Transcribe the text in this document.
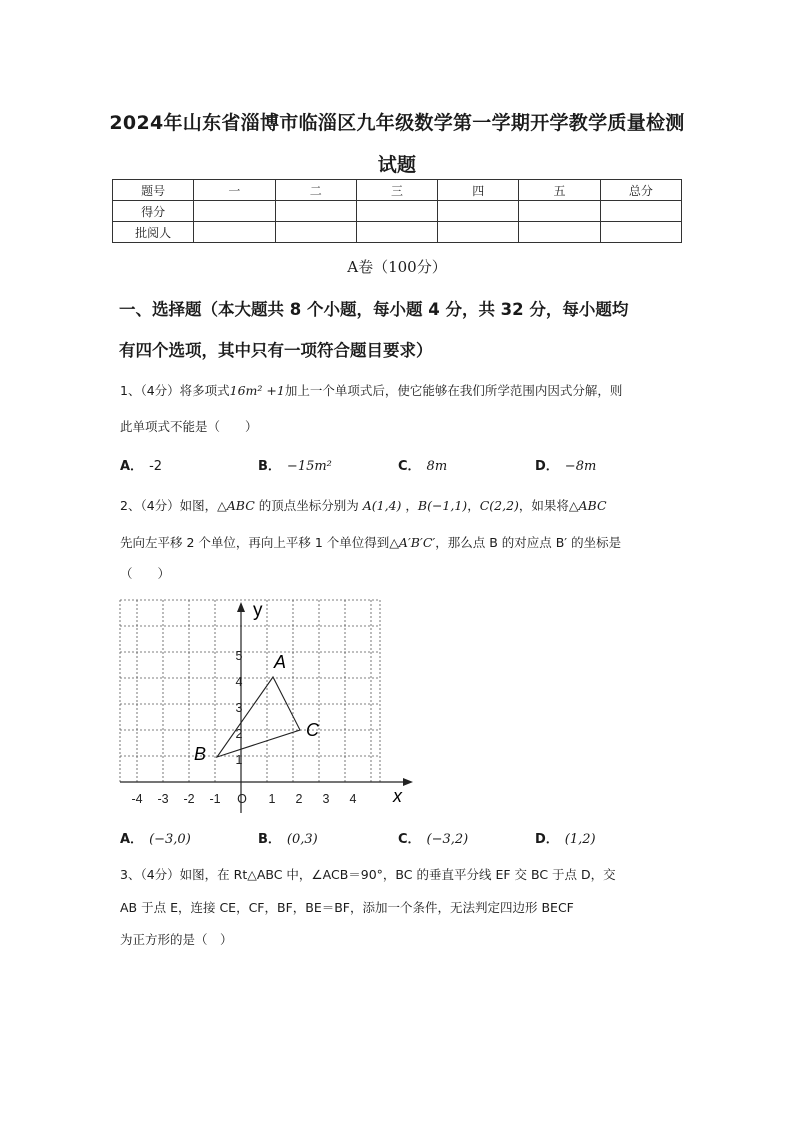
2024年山东省淄博市临淄区九年级数学第一学期开学教学质量检测
试题
题号	一	二	三	四	五	总分
得分						
批阅人						
A卷（100分）
一、选择题（本大题共 8 个小题，每小题 4 分，共 32 分，每小题均
有四个选项，其中只有一项符合题目要求）
1、（4分）将多项式16m² +1加上一个单项式后，使它能够在我们所学范围内因式分解，则
此单项式不能是（　　）
A． -2	B． −15m²	C． 8m	D． −8m
2、（4分）如图，△ABC 的顶点坐标分别为 A(1,4) ，B(−1,1)，C(2,2)，如果将△ABC
先向左平移 2 个单位，再向上平移 1 个单位得到△A′B′C′，那么点 B 的对应点 B′ 的坐标是
（　　）
y
x
-4 -3 -2 -1 O 1 2 3 4
1
2
3
4
5 A
B
C
A． (−3,0)	B． (0,3)	C． (−3,2)	D． (1,2)
3、（4分）如图，在 Rt△ABC 中，∠ACB＝90°，BC 的垂直平分线 EF 交 BC 于点 D，交
AB 于点 E，连接 CE，CF，BF，BE＝BF，添加一个条件，无法判定四边形 BECF
为正方形的是（　）
